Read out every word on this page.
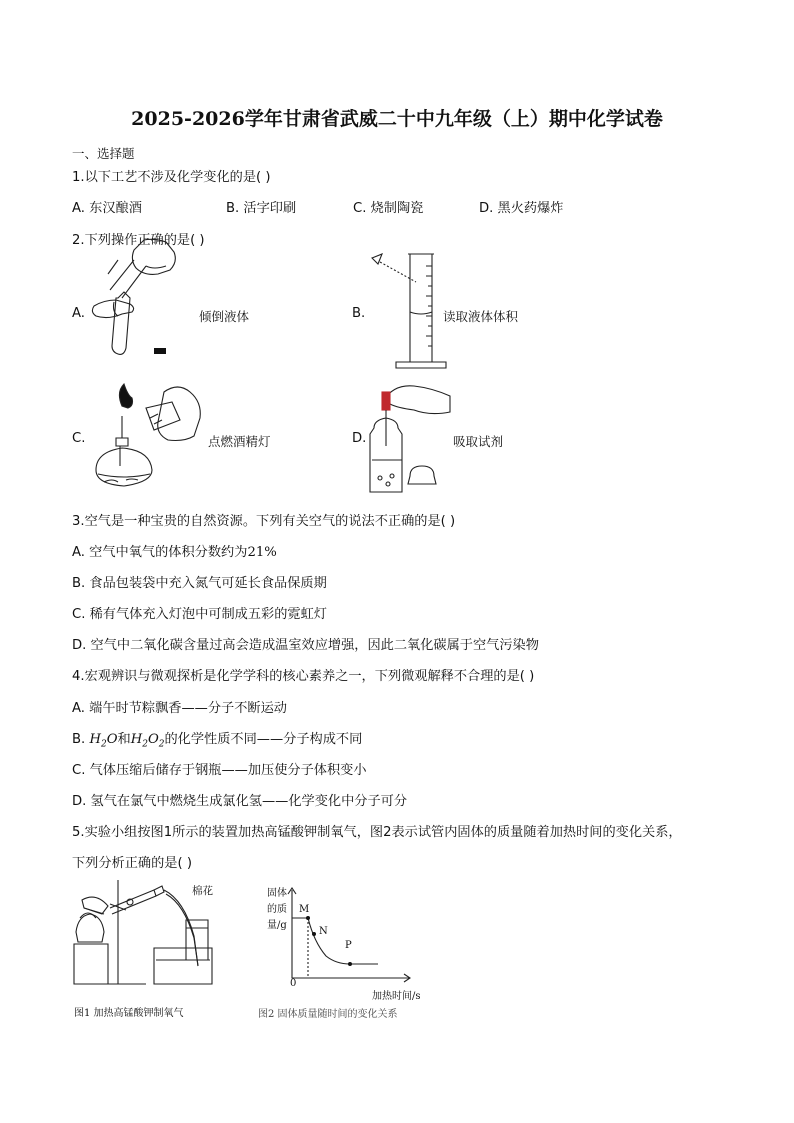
2025-2026学年甘肃省武威二十中九年级（上）期中化学试卷
一、选择题
1.以下工艺不涉及化学变化的是( )
A. 东汉酿酒	B. 活字印刷	C. 烧制陶瓷	D. 黑火药爆炸
2.下列操作正确的是( )
A.	倾倒液体	B.	读取液体体积
C.	点燃酒精灯	D.	吸取试剂
3.空气是一种宝贵的自然资源。下列有关空气的说法不正确的是( )
A. 空气中氧气的体积分数约为21%
B. 食品包装袋中充入氮气可延长食品保质期
C. 稀有气体充入灯泡中可制成五彩的霓虹灯
D. 空气中二氧化碳含量过高会造成温室效应增强，因此二氧化碳属于空气污染物
4.宏观辨识与微观探析是化学学科的核心素养之一，下列微观解释不合理的是( )
A. 端午时节粽飘香——分子不断运动
B. $H_2O$和$H_2O_2$的化学性质不同——分子构成不同
C. 气体压缩后储存于钢瓶——加压使分子体积变小
D. 氢气在氯气中燃烧生成氯化氢——化学变化中分子可分
5.实验小组按图1所示的装置加热高锰酸钾制氧气，图2表示试管内固体的质量随着加热时间的变化关系，
下列分析正确的是( )
棉花
图1 加热高锰酸钾制氧气
固体
的质
量/g
M
N
P
0
加热时间/s
图2 固体质量随时间的变化关系
